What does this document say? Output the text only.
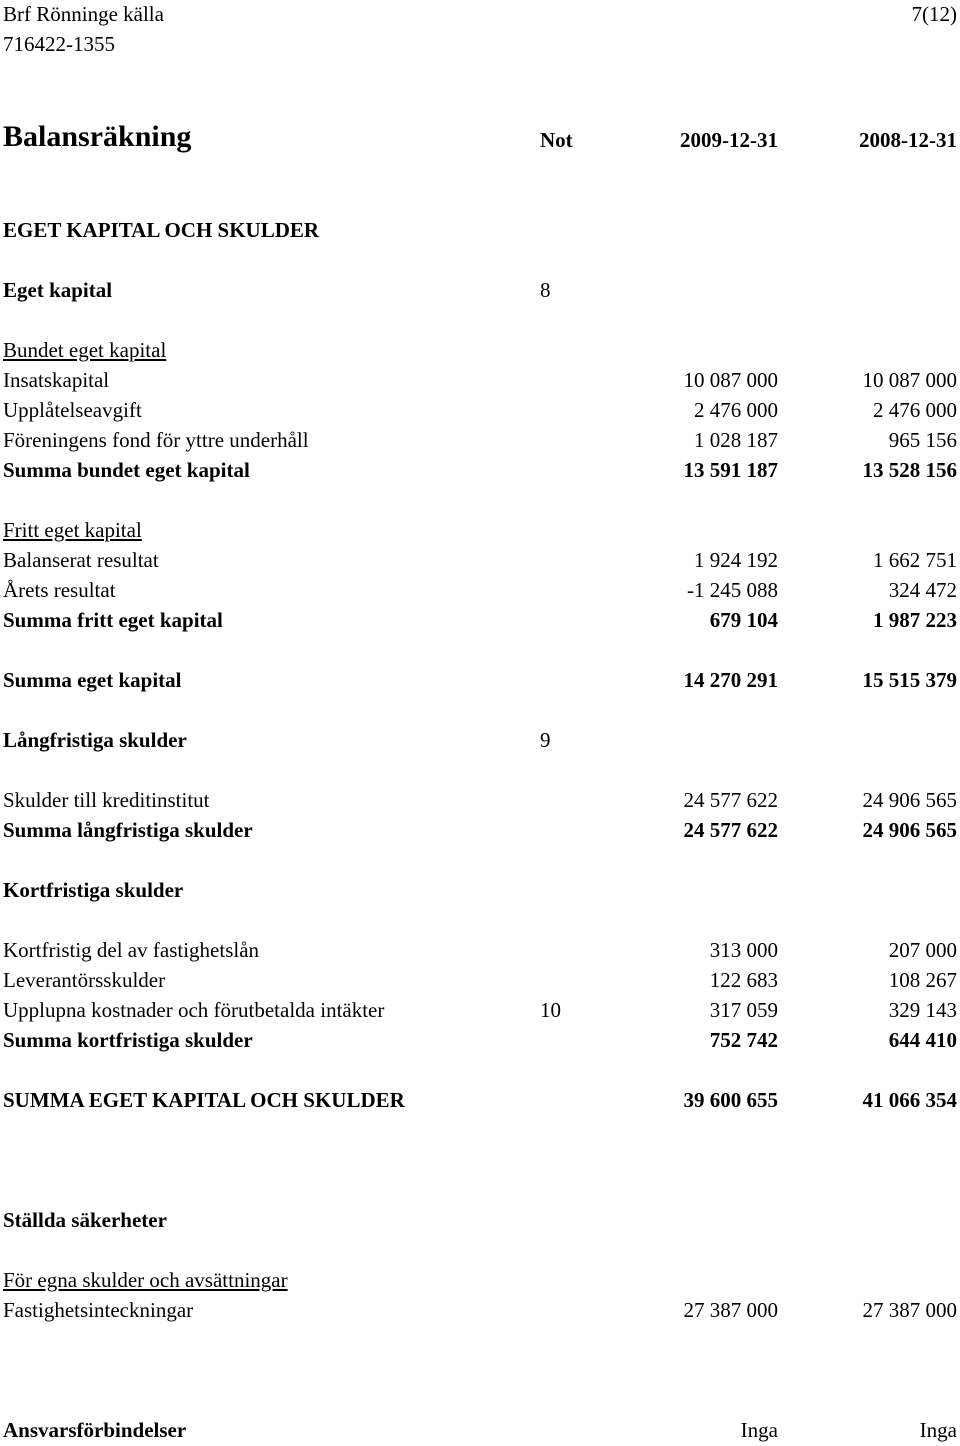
Brf Rönninge källa
716422-1355
7(12)
Balansräkning	Not	2009-12-31	2008-12-31
EGET KAPITAL OCH SKULDER
Eget kapital	8
Bundet eget kapital
Insatskapital	10 087 000	10 087 000
Upplåtelseavgift	2 476 000	2 476 000
Föreningens fond för yttre underhåll	1 028 187	965 156
Summa bundet eget kapital	13 591 187	13 528 156
Fritt eget kapital
Balanserat resultat	1 924 192	1 662 751
Årets resultat	-1 245 088	324 472
Summa fritt eget kapital	679 104	1 987 223
Summa eget kapital	14 270 291	15 515 379
Långfristiga skulder	9
Skulder till kreditinstitut	24 577 622	24 906 565
Summa långfristiga skulder	24 577 622	24 906 565
Kortfristiga skulder
Kortfristig del av fastighetslån	313 000	207 000
Leverantörsskulder	122 683	108 267
Upplupna kostnader och förutbetalda intäkter	10	317 059	329 143
Summa kortfristiga skulder	752 742	644 410
SUMMA EGET KAPITAL OCH SKULDER	39 600 655	41 066 354
Ställda säkerheter
För egna skulder och avsättningar
Fastighetsinteckningar	27 387 000	27 387 000
Ansvarsförbindelser	Inga	Inga
